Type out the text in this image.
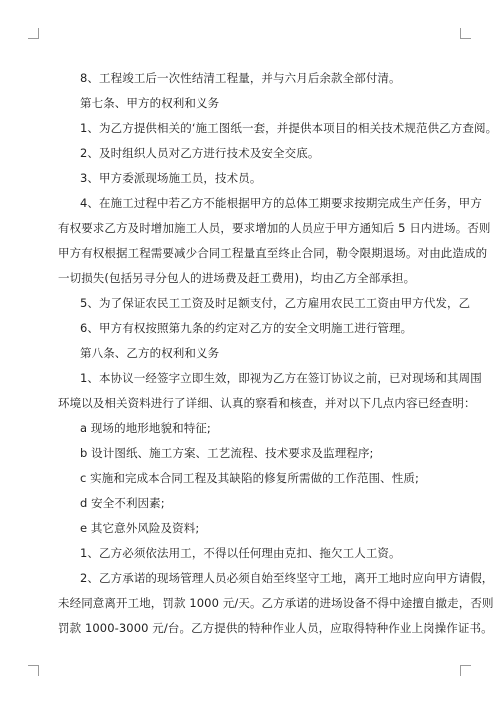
8、工程竣工后一次性结清工程量，并与六月后余款全部付清。

第七条、甲方的权利和义务

1、为乙方提供相关的‘施工图纸一套，并提供本项目的相关技术规范供乙方查阅。

2、及时组织人员对乙方进行技术及安全交底。

3、甲方委派现场施工员，技术员。

4、在施工过程中若乙方不能根据甲方的总体工期要求按期完成生产任务，甲方
有权要求乙方及时增加施工人员，要求增加的人员应于甲方通知后 5 日内进场。否则
甲方有权根据工程需要减少合同工程量直至终止合同，勒令限期退场。对由此造成的
一切损失(包括另寻分包人的进场费及赶工费用)，均由乙方全部承担。

5、为了保证农民工工资及时足额支付，乙方雇用农民工工资由甲方代发，乙

6、甲方有权按照第九条的约定对乙方的安全文明施工进行管理。

第八条、乙方的权利和义务

1、本协议一经签字立即生效，即视为乙方在签订协议之前，已对现场和其周围
环境以及相关资料进行了详细、认真的察看和核查，并对以下几点内容已经查明：

a 现场的地形地貌和特征;

b 设计图纸、施工方案、工艺流程、技术要求及监理程序;

c 实施和完成本合同工程及其缺陷的修复所需做的工作范围、性质;

d 安全不利因素;

e 其它意外风险及资料;

1、乙方必须依法用工，不得以任何理由克扣、拖欠工人工资。

2、乙方承诺的现场管理人员必须自始至终坚守工地，离开工地时应向甲方请假，
未经同意离开工地，罚款 1000 元/天。乙方承诺的进场设备不得中途擅自撤走，否则
罚款 1000-3000 元/台。乙方提供的特种作业人员，应取得特种作业上岗操作证书。
